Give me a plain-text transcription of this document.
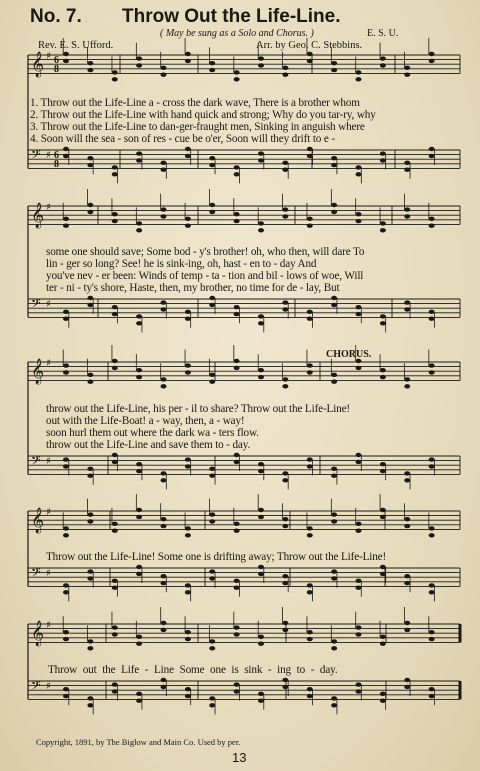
𝄞 ♯
𝄢 ♯
𝄞 ♯
𝄢 ♯
𝄞 ♯
𝄢 ♯
𝄞 ♯
𝄢 ♯
𝄞 ♯
𝄢 ♯
6
8
6
8
No. 7. Throw Out the Life-Line.
( May be sung as a Solo and Chorus. )	E. S. U.
Rev. E. S. Ufford.	Arr. by Geo. C. Stebbins.
1. Throw out the Life-Line a - cross the dark wave, There is a brother whom
2. Throw out the Life-Line with hand quick and strong; Why do you tar-ry, why
3. Throw out the Life-Line to dan-ger-fraught men, Sinking in anguish where
4. Soon will the sea - son of res - cue be o'er, Soon will they drift to e -
some one should save; Some bod - y's brother! oh, who then, will dare To
lin - ger so long? See! he is sink-ing, oh, hast - en to - day And
you've nev - er been: Winds of temp - ta - tion and bil - lows of woe, Will
ter - ni - ty's shore, Haste, then, my brother, no time for de - lay, But
CHORUS.
throw out the Life-Line, his per - il to share? Throw out the Life-Line!
out with the Life-Boat! a - way, then, a - way!
soon hurl them out where the dark wa - ters flow.
throw out the Life-Line and save them to - day.
Throw out the Life-Line! Some one is drifting away; Throw out the Life-Line!
Throw out the Life - Line Some one is sink - ing to - day.
Copyright, 1891, by The Biglow and Main Co. Used by per.
13
